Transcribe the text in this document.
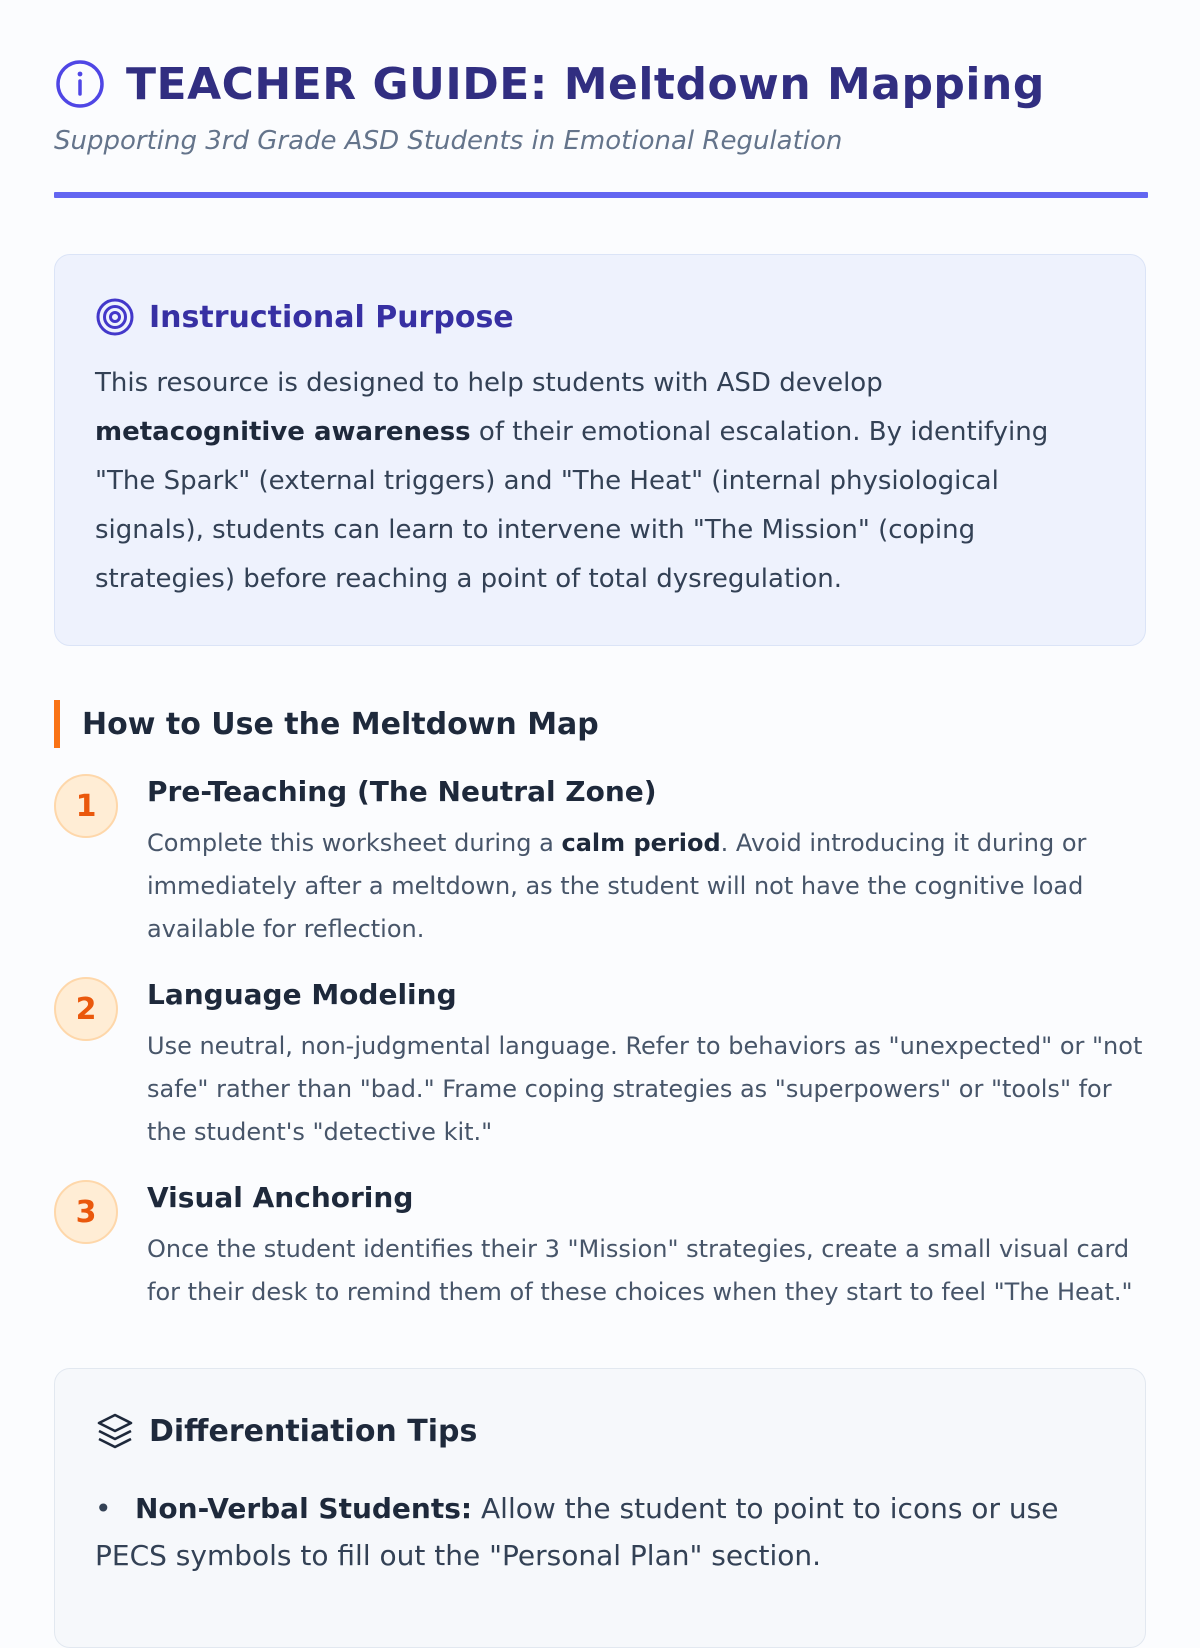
TEACHER GUIDE: Meltdown Mapping
Supporting 3rd Grade ASD Students in Emotional Regulation
Instructional Purpose
This resource is designed to help students with ASD develop
metacognitive awareness of their emotional escalation. By identifying "The Spark" (external triggers) and "The Heat" (internal physiological signals), students can learn to intervene with "The Mission" (coping strategies) before reaching a point of total dysregulation.
How to Use the Meltdown Map
1	Pre-Teaching (The Neutral Zone)
Complete this worksheet during a calm period. Avoid introducing it during or immediately after a meltdown, as the student will not have the cognitive load available for reflection.
2	Language Modeling
Use neutral, non-judgmental language. Refer to behaviors as "unexpected" or "not safe" rather than "bad." Frame coping strategies as "superpowers" or "tools" for the student's "detective kit."
3	Visual Anchoring
Once the student identifies their 3 "Mission" strategies, create a small visual card for their desk to remind them of these choices when they start to feel "The Heat."
Differentiation Tips
• Non-Verbal Students: Allow the student to point to icons or use PECS symbols to fill out the "Personal Plan" section.
